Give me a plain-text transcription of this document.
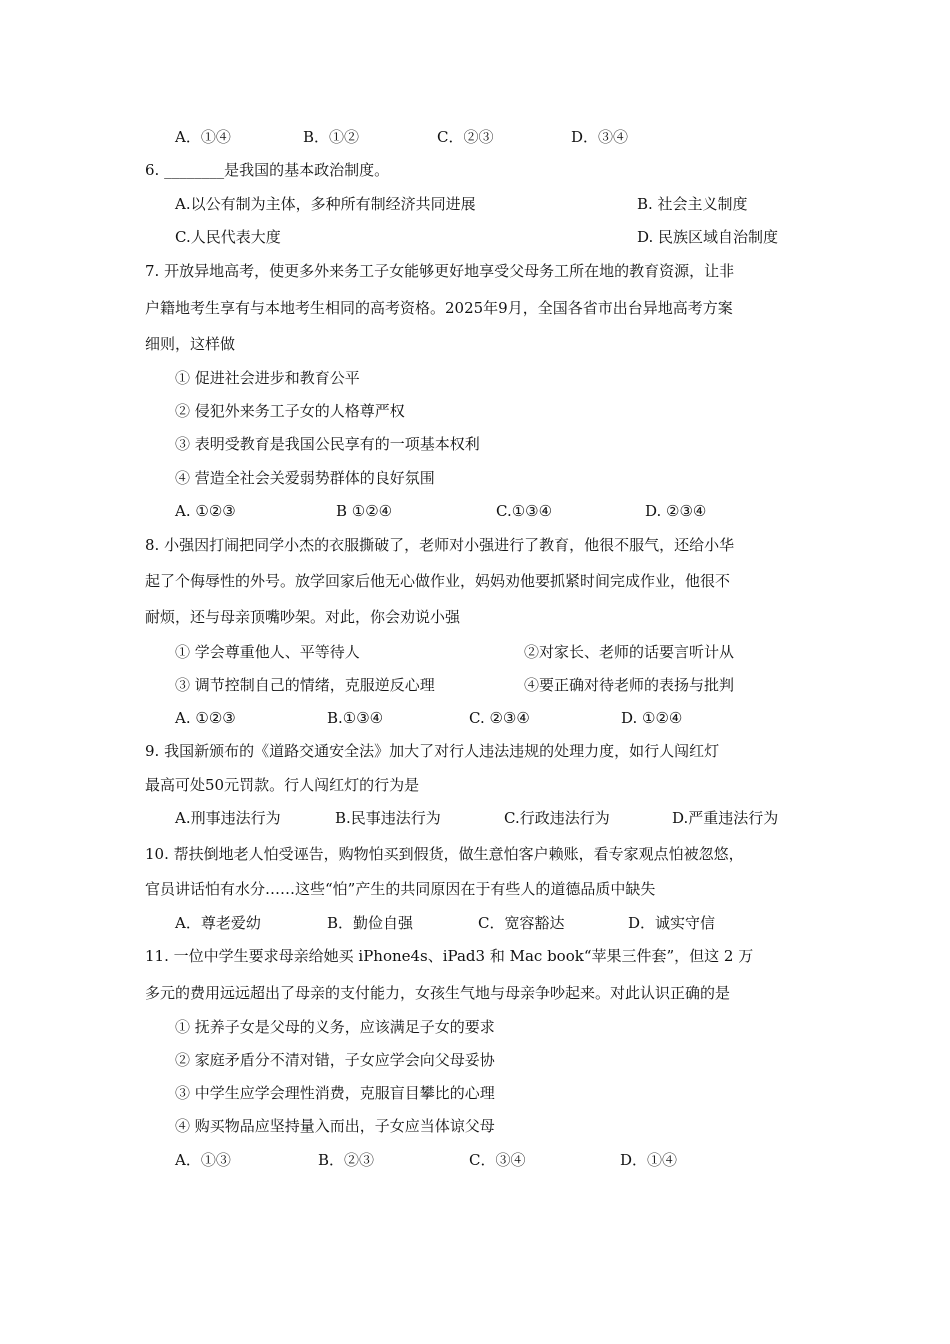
A．①④	B．①②	C．②③	D．③④
6. ________是我国的基本政治制度。
A.以公有制为主体，多种所有制经济共同进展	B. 社会主义制度
C.人民代表大度	D. 民族区域自治制度
7. 开放异地高考，使更多外来务工子女能够更好地享受父母务工所在地的教育资源，让非
户籍地考生享有与本地考生相同的高考资格。2025年9月，全国各省市出台异地高考方案
细则，这样做
① 促进社会进步和教育公平
② 侵犯外来务工子女的人格尊严权
③ 表明受教育是我国公民享有的一项基本权利
④ 营造全社会关爱弱势群体的良好氛围
A. ①②③	B ①②④	C.①③④	D. ②③④
8. 小强因打闹把同学小杰的衣服撕破了，老师对小强进行了教育，他很不服气，还给小华
起了个侮辱性的外号。放学回家后他无心做作业，妈妈劝他要抓紧时间完成作业，他很不
耐烦，还与母亲顶嘴吵架。对此，你会劝说小强
① 学会尊重他人、平等待人	②对家长、老师的话要言听计从
③ 调节控制自己的情绪，克服逆反心理	④要正确对待老师的表扬与批判
A. ①②③	B.①③④	C. ②③④	D. ①②④
9. 我国新颁布的《道路交通安全法》加大了对行人违法违规的处理力度，如行人闯红灯
最高可处50元罚款。行人闯红灯的行为是
A.刑事违法行为	B.民事违法行为	C.行政违法行为	D.严重违法行为
10. 帮扶倒地老人怕受诬告，购物怕买到假货，做生意怕客户赖账，看专家观点怕被忽悠，
官员讲话怕有水分……这些“怕”产生的共同原因在于有些人的道德品质中缺失
A．尊老爱幼	B．勤俭自强	C．宽容豁达	D．诚实守信
11. 一位中学生要求母亲给她买 iPhone4s、iPad3 和 Mac book“苹果三件套”，但这 2 万
多元的费用远远超出了母亲的支付能力，女孩生气地与母亲争吵起来。对此认识正确的是
① 抚养子女是父母的义务，应该满足子女的要求
② 家庭矛盾分不清对错，子女应学会向父母妥协
③ 中学生应学会理性消费，克服盲目攀比的心理
④ 购买物品应坚持量入而出，子女应当体谅父母
A．①③	B．②③	C．③④	D．①④
